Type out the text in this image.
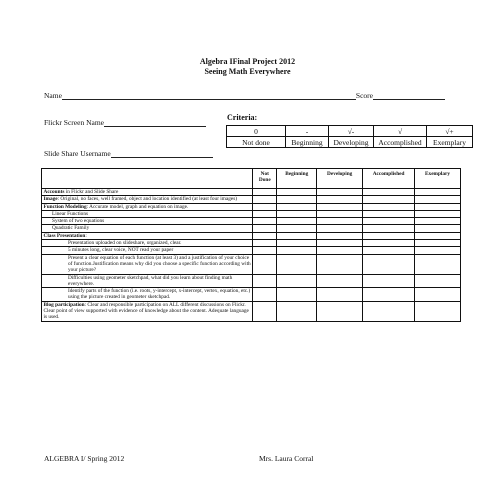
Algebra IFinal Project 2012
Seeing Math Everywhere
Name	Score
Flickr Screen Name
Slide Share Username
Criteria:
0	-	√-	√	√+
Not done	Beginning	Developing	Accomplished	Exemplary
	Not Done	Beginning	Developing	Accomplished	Exemplary
Accounts in Flickr and Slide Share					
Image: Original, no faces, well framed, object and location identified (at least four images)					
Function Modeling: Accurate model, graph and equation on image.					
Linear Functions					
System of two equations					
Quadratic Family					
Class Presentation:					
Presentation uploaded on slideshare, organized, clear.					
5 minutes long, clear voice, NOT read your paper					
Present a clear equation of each function (at least 3) and a justification of your choice of function.Justification means why did you choose a specific function according with your picture?					
Difficulties using geometer sketchpad, what did you learn about finding math everywhere.					
Identify parts of the function (i.e. roots, y-intercept, x-intercept, vertex, equation, etc.) using the picture created in geometer sketchpad.					
Blog participation: Clear and responsible participation on ALL different discussions on Flickr. Clear point of view supported with evidence of knowledge about the content. Adequate language is used.					
ALGEBRA I/ Spring 2012	Mrs. Laura Corral
